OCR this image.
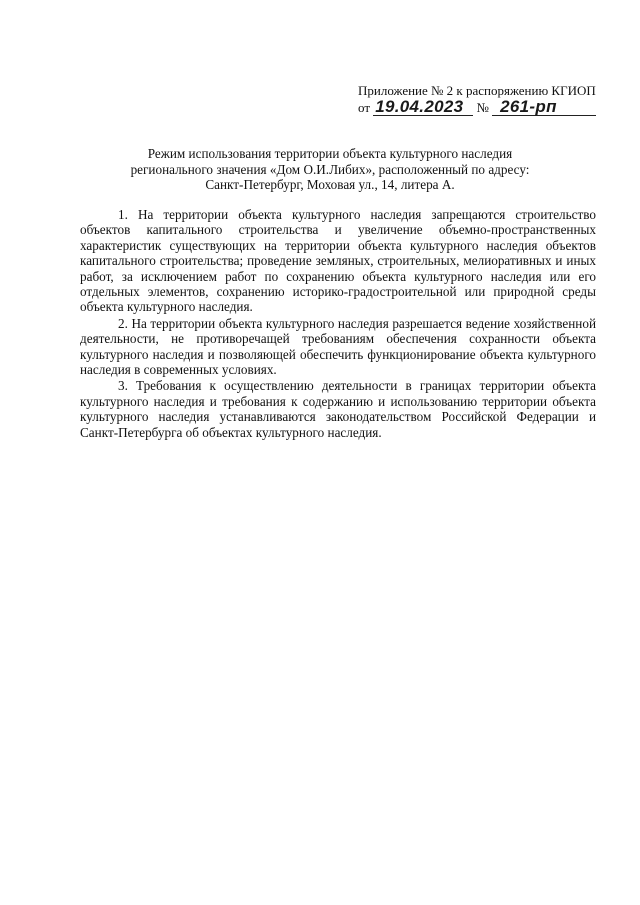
Приложение № 2 к распоряжению КГИОП
от 19.04.2023 № 261-рп
Режим использования территории объекта культурного наследия
регионального значения «Дом О.И.Либих», расположенный по адресу:
Санкт-Петербург, Моховая ул., 14, литера А.

1. На территории объекта культурного наследия запрещаются строительство объектов капитального строительства и увеличение объемно-пространственных характеристик существующих на территории объекта культурного наследия объектов капитального строительства; проведение земляных, строительных, мелиоративных и иных работ, за исключением работ по сохранению объекта культурного наследия или его отдельных элементов, сохранению историко-градостроительной или природной среды объекта культурного наследия.

2. На территории объекта культурного наследия разрешается ведение хозяйственной деятельности, не противоречащей требованиям обеспечения сохранности объекта культурного наследия и позволяющей обеспечить функционирование объекта культурного наследия в современных условиях.

3. Требования к осуществлению деятельности в границах территории объекта культурного наследия и требования к содержанию и использованию территории объекта культурного наследия устанавливаются законодательством Российской Федерации и Санкт-Петербурга об объектах культурного наследия.
